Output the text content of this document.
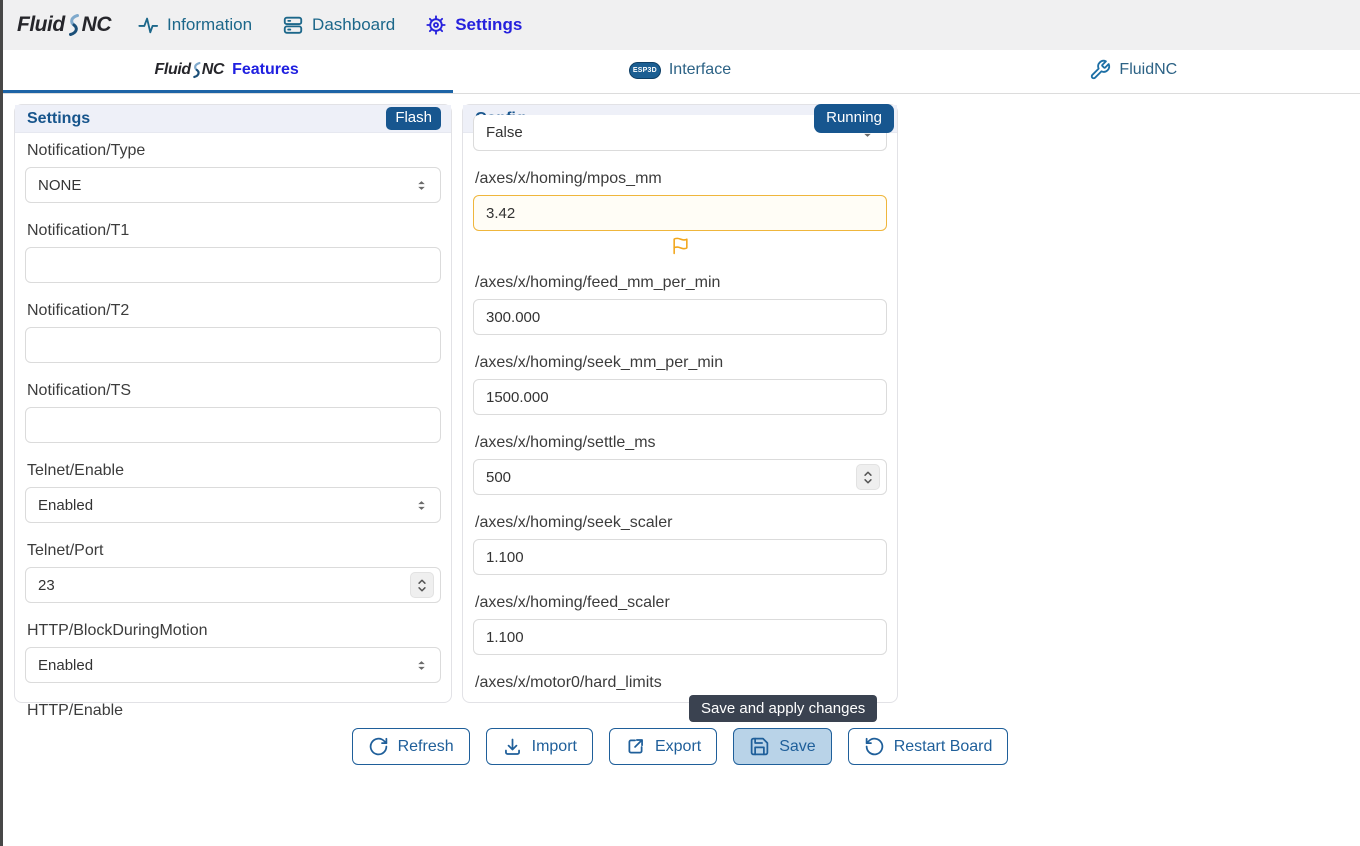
Fluid NC	Information	Dashboard	Settings
Fluid NC Features	ESP3D Interface	FluidNC
Settings	Flash
Notification/Type
NONE
Notification/T1
Notification/T2
Notification/TS
Telnet/Enable
Enabled
Telnet/Port
23
HTTP/BlockDuringMotion
Enabled
HTTP/Enable
Running
False
/axes/x/homing/mpos_mm
3.42
/axes/x/homing/feed_mm_per_min
300.000
/axes/x/homing/seek_mm_per_min
1500.000
/axes/x/homing/settle_ms
500
/axes/x/homing/seek_scaler
1.100
/axes/x/homing/feed_scaler
1.100
/axes/x/motor0/hard_limits
Refresh	Import	Export	Save	Restart Board
Save and apply changes
